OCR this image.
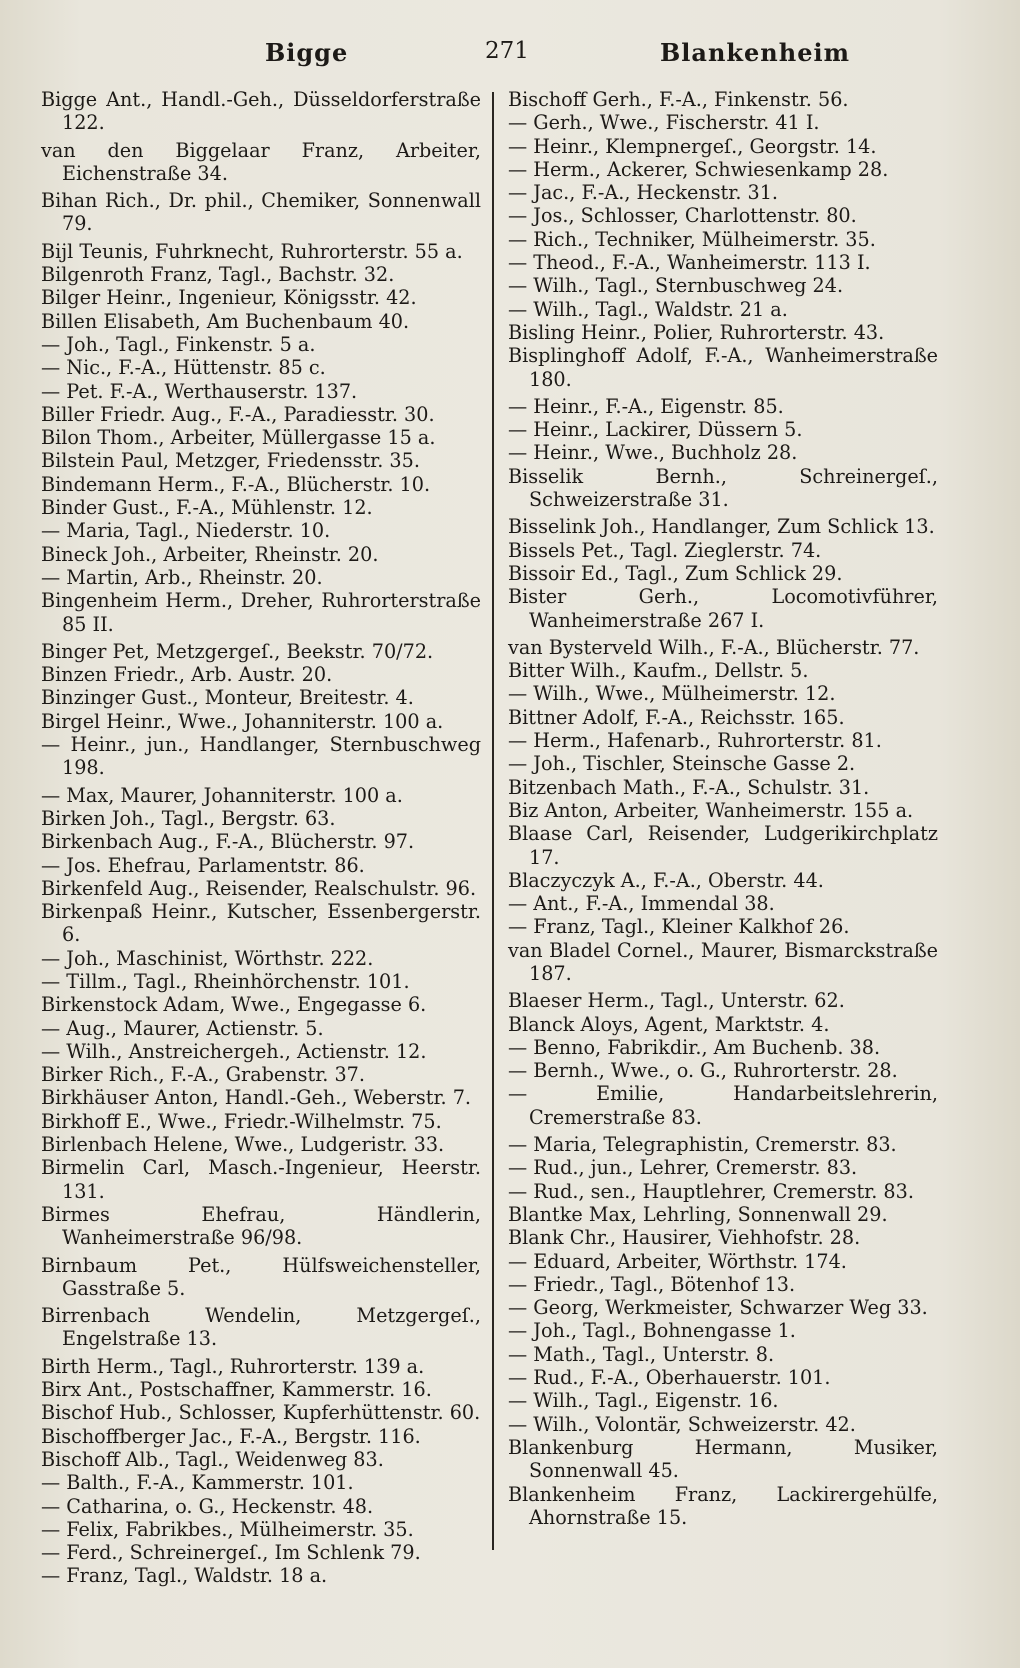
Bigge	271	Blankenheim

Bigge Ant., Handl.-Geh., Düsseldorferstraße 122.

van den Biggelaar Franz, Arbeiter, Eichenstraße 34.

Bihan Rich., Dr. phil., Chemiker, Sonnenwall 79.

Bijl Teunis, Fuhrknecht, Ruhrorterstr. 55 a.

Bilgenroth Franz, Tagl., Bachstr. 32.

Bilger Heinr., Ingenieur, Königsstr. 42.

Billen Elisabeth, Am Buchenbaum 40.

— Joh., Tagl., Finkenstr. 5 a.

— Nic., F.-A., Hüttenstr. 85 c.

— Pet. F.-A., Werthauserstr. 137.

Biller Friedr. Aug., F.-A., Paradiesstr. 30.

Bilon Thom., Arbeiter, Müllergasse 15 a.

Bilstein Paul, Metzger, Friedensstr. 35.

Bindemann Herm., F.-A., Blücherstr. 10.

Binder Gust., F.-A., Mühlenstr. 12.

— Maria, Tagl., Niederstr. 10.

Bineck Joh., Arbeiter, Rheinstr. 20.

— Martin, Arb., Rheinstr. 20.

Bingenheim Herm., Dreher, Ruhrorterstraße 85 II.

Binger Pet, Metzgergeſ., Beekstr. 70/72.

Binzen Friedr., Arb. Austr. 20.

Binzinger Gust., Monteur, Breitestr. 4.

Birgel Heinr., Wwe., Johanniterstr. 100 a.

— Heinr., jun., Handlanger, Sternbuschweg 198.

— Max, Maurer, Johanniterstr. 100 a.

Birken Joh., Tagl., Bergstr. 63.

Birkenbach Aug., F.-A., Blücherstr. 97.

— Jos. Ehefrau, Parlamentstr. 86.

Birkenfeld Aug., Reisender, Realschulstr. 96.

Birkenpaß Heinr., Kutscher, Essenbergerstr. 6.

— Joh., Maschinist, Wörthstr. 222.

— Tillm., Tagl., Rheinhörchenstr. 101.

Birkenstock Adam, Wwe., Engegasse 6.

— Aug., Maurer, Actienstr. 5.

— Wilh., Anstreichergeh., Actienstr. 12.

Birker Rich., F.-A., Grabenstr. 37.

Birkhäuser Anton, Handl.-Geh., Weberstr. 7.

Birkhoff E., Wwe., Friedr.-Wilhelmstr. 75.

Birlenbach Helene, Wwe., Ludgeristr. 33.

Birmelin Carl, Masch.-Ingenieur, Heerstr. 131.

Birmes Ehefrau, Händlerin, Wanheimerstraße 96/98.

Birnbaum Pet., Hülfsweichensteller, Gasstraße 5.

Birrenbach Wendelin, Metzgergeſ., Engelstraße 13.

Birth Herm., Tagl., Ruhrorterstr. 139 a.

Birx Ant., Postschaffner, Kammerstr. 16.

Bischof Hub., Schlosser, Kupferhüttenstr. 60.

Bischoffberger Jac., F.-A., Bergstr. 116.

Bischoff Alb., Tagl., Weidenweg 83.

— Balth., F.-A., Kammerstr. 101.

— Catharina, o. G., Heckenstr. 48.

— Felix, Fabrikbes., Mülheimerstr. 35.

— Ferd., Schreinergeſ., Im Schlenk 79.

— Franz, Tagl., Waldstr. 18 a.

Bischoff Gerh., F.-A., Finkenstr. 56.

— Gerh., Wwe., Fischerstr. 41 I.

— Heinr., Klempnergeſ., Georgstr. 14.

— Herm., Ackerer, Schwiesenkamp 28.

— Jac., F.-A., Heckenstr. 31.

— Jos., Schlosser, Charlottenstr. 80.

— Rich., Techniker, Mülheimerstr. 35.

— Theod., F.-A., Wanheimerstr. 113 I.

— Wilh., Tagl., Sternbuschweg 24.

— Wilh., Tagl., Waldstr. 21 a.

Bisling Heinr., Polier, Ruhrorterstr. 43.

Bisplinghoff Adolf, F.-A., Wanheimerstraße 180.

— Heinr., F.-A., Eigenstr. 85.

— Heinr., Lackirer, Düssern 5.

— Heinr., Wwe., Buchholz 28.

Bisselik Bernh., Schreinergeſ., Schweizerstraße 31.

Bisselink Joh., Handlanger, Zum Schlick 13.

Bissels Pet., Tagl. Zieglerstr. 74.

Bissoir Ed., Tagl., Zum Schlick 29.

Bister Gerh., Locomotivführer, Wanheimerstraße 267 I.

van Bysterveld Wilh., F.-A., Blücherstr. 77.

Bitter Wilh., Kaufm., Dellstr. 5.

— Wilh., Wwe., Mülheimerstr. 12.

Bittner Adolf, F.-A., Reichsstr. 165.

— Herm., Hafenarb., Ruhrorterstr. 81.

— Joh., Tischler, Steinsche Gasse 2.

Bitzenbach Math., F.-A., Schulstr. 31.

Biz Anton, Arbeiter, Wanheimerstr. 155 a.

Blaase Carl, Reisender, Ludgerikirchplatz 17.

Blaczyczyk A., F.-A., Oberstr. 44.

— Ant., F.-A., Immendal 38.

— Franz, Tagl., Kleiner Kalkhof 26.

van Bladel Cornel., Maurer, Bismarckstraße 187.

Blaeser Herm., Tagl., Unterstr. 62.

Blanck Aloys, Agent, Marktstr. 4.

— Benno, Fabrikdir., Am Buchenb. 38.

— Bernh., Wwe., o. G., Ruhrorterstr. 28.

— Emilie, Handarbeitslehrerin, Cremerstraße 83.

— Maria, Telegraphistin, Cremerstr. 83.

— Rud., jun., Lehrer, Cremerstr. 83.

— Rud., sen., Hauptlehrer, Cremerstr. 83.

Blantke Max, Lehrling, Sonnenwall 29.

Blank Chr., Hausirer, Viehhofstr. 28.

— Eduard, Arbeiter, Wörthstr. 174.

— Friedr., Tagl., Bötenhof 13.

— Georg, Werkmeister, Schwarzer Weg 33.

— Joh., Tagl., Bohnengasse 1.

— Math., Tagl., Unterstr. 8.

— Rud., F.-A., Oberhauerstr. 101.

— Wilh., Tagl., Eigenstr. 16.

— Wilh., Volontär, Schweizerstr. 42.

Blankenburg Hermann, Musiker, Sonnenwall 45.

Blankenheim Franz, Lackirergehülfe, Ahornstraße 15.
